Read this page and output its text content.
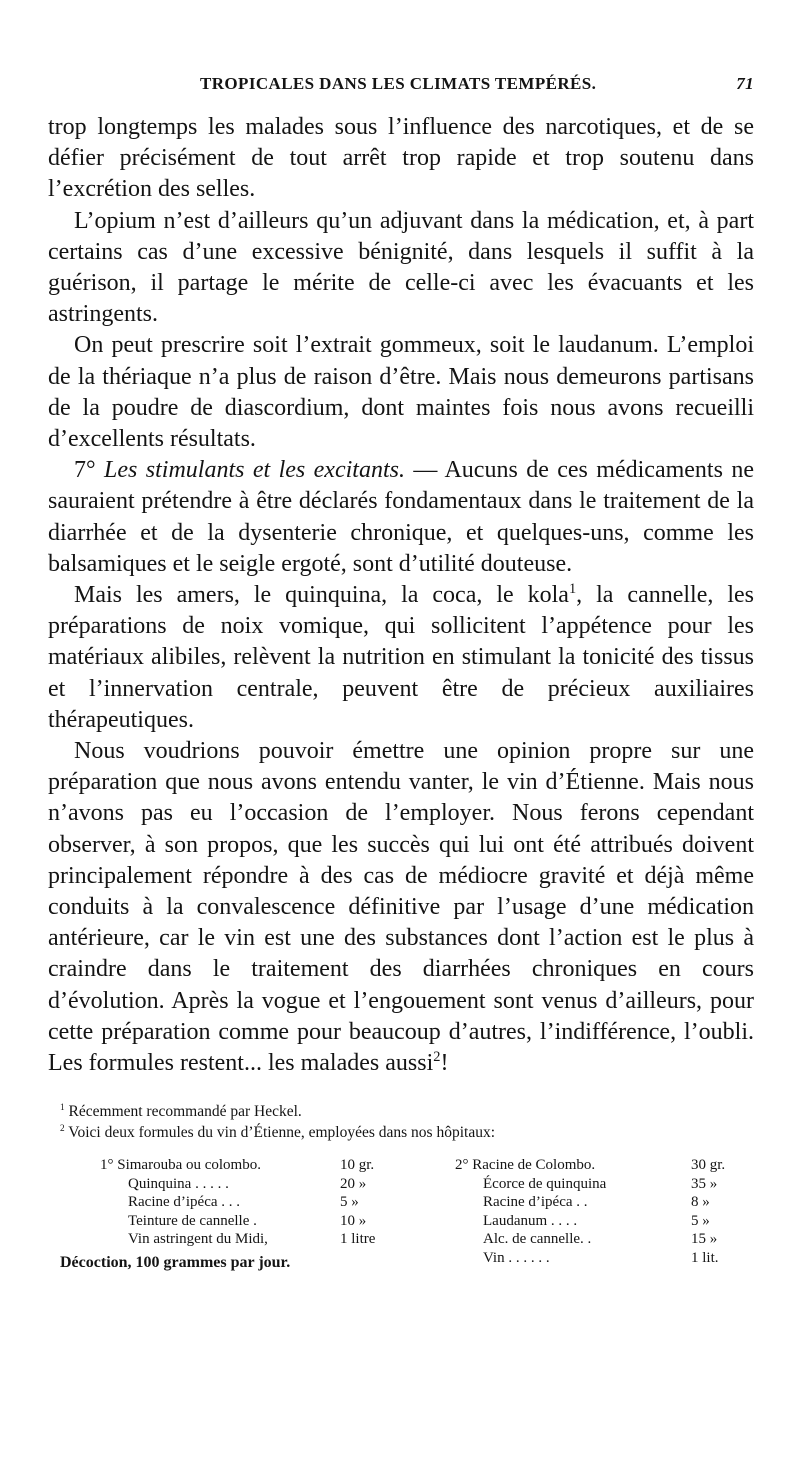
TROPICALES DANS LES CLIMATS TEMPÉRÉS.	71

trop longtemps les malades sous l’influence des narcotiques, et de se défier précisément de tout arrêt trop rapide et trop soutenu dans l’excrétion des selles.

L’opium n’est d’ailleurs qu’un adjuvant dans la médication, et, à part certains cas d’une excessive bénignité, dans lesquels il suffit à la guérison, il partage le mérite de celle-ci avec les évacuants et les astringents.

On peut prescrire soit l’extrait gommeux, soit le laudanum. L’emploi de la thériaque n’a plus de raison d’être. Mais nous demeurons partisans de la poudre de diascordium, dont maintes fois nous avons recueilli d’excellents résultats.

7° Les stimulants et les excitants. — Aucuns de ces médicaments ne sauraient prétendre à être déclarés fondamentaux dans le traitement de la diarrhée et de la dysenterie chronique, et quelques-uns, comme les balsamiques et le seigle ergoté, sont d’utilité douteuse.

Mais les amers, le quinquina, la coca, le kola$^1$, la cannelle, les préparations de noix vomique, qui sollicitent l’appétence pour les matériaux alibiles, relèvent la nutrition en stimulant la tonicité des tissus et l’innervation centrale, peuvent être de précieux auxiliaires thérapeutiques.

Nous voudrions pouvoir émettre une opinion propre sur une préparation que nous avons entendu vanter, le vin d’Étienne. Mais nous n’avons pas eu l’occasion de l’employer. Nous ferons cependant observer, à son propos, que les succès qui lui ont été attribués doivent principalement répondre à des cas de médiocre gravité et déjà même conduits à la convalescence définitive par l’usage d’une médication antérieure, car le vin est une des substances dont l’action est le plus à craindre dans le traitement des diarrhées chroniques en cours d’évolution. Après la vogue et l’engouement sont venus d’ailleurs, pour cette préparation comme pour beaucoup d’autres, l’indifférence, l’oubli. Les formules restent... les malades aussi$^2$!

$^1$ Récemment recommandé par Heckel.

$^2$ Voici deux formules du vin d’Étienne, employées dans nos hôpitaux:

1° Simarouba ou colombo.	10 gr.
Quinquina . . . . .	20 »
Racine d’ipéca . . .	5 »
Teinture de cannelle .	10 »
Vin astringent du Midi,	1 litre
2° Racine de Colombo.	30 gr.
Écorce de quinquina	35 »
Racine d’ipéca . .	8 »
Laudanum . . . .	5 »
Alc. de cannelle. .	15 »
Vin . . . . . .	1 lit.
Décoction, 100 grammes par jour.
